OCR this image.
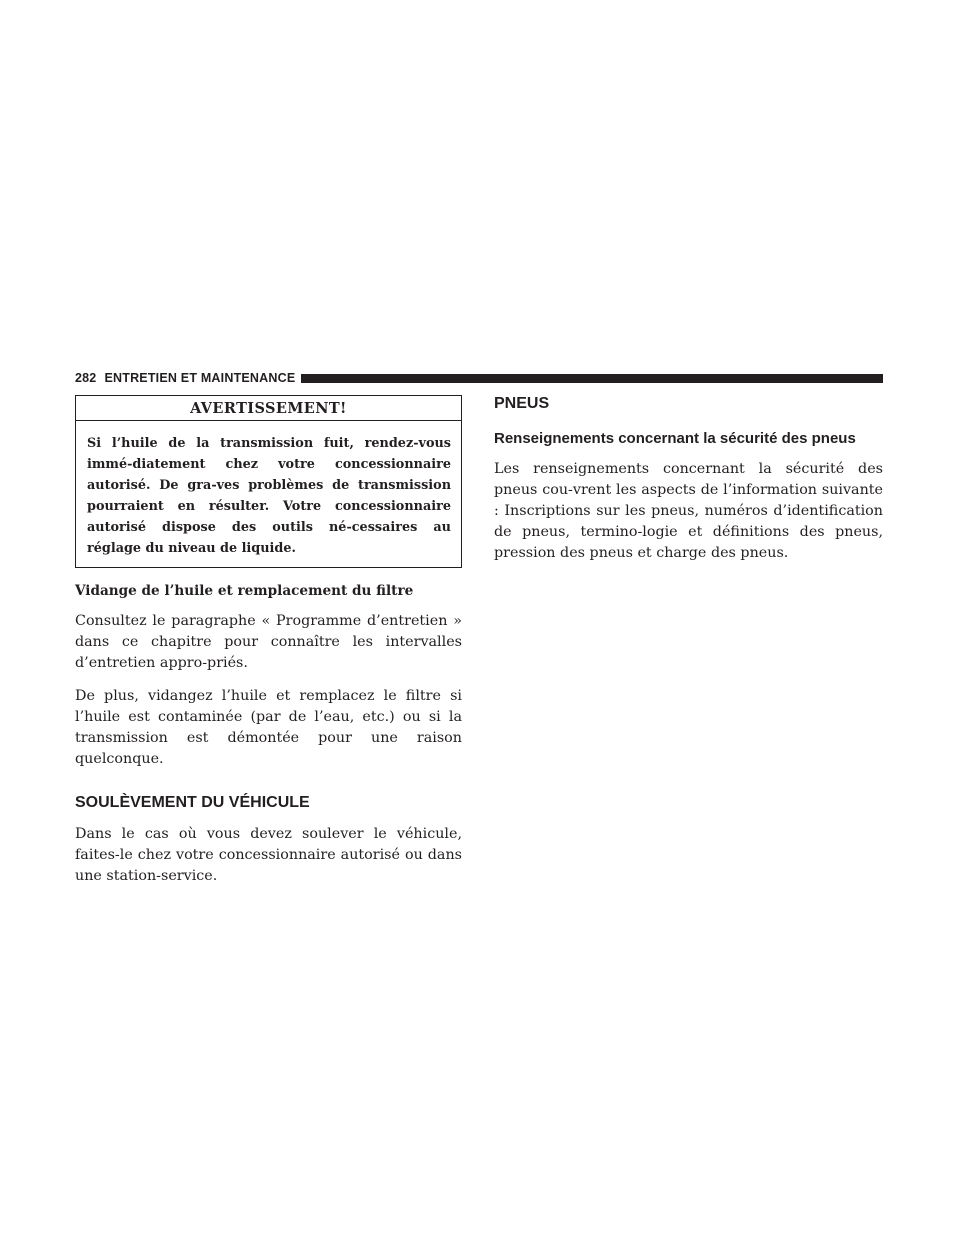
282 ENTRETIEN ET MAINTENANCE
AVERTISSEMENT!
Si l’huile de la transmission fuit, rendez-vous immé-diatement chez votre concessionnaire autorisé. De gra-ves problèmes de transmission pourraient en résulter. Votre concessionnaire autorisé dispose des outils né-cessaires au réglage du niveau de liquide.
Vidange de l’huile et remplacement du filtre

Consultez le paragraphe « Programme d’entretien » dans ce chapitre pour connaître les intervalles d’entretien appro-priés.

De plus, vidangez l’huile et remplacez le filtre si l’huile est contaminée (par de l’eau, etc.) ou si la transmission est démontée pour une raison quelconque.

SOULÈVEMENT DU VÉHICULE

Dans le cas où vous devez soulever le véhicule, faites-le chez votre concessionnaire autorisé ou dans une station-service.

PNEUS
Renseignements concernant la sécurité des pneus

Les renseignements concernant la sécurité des pneus cou-vrent les aspects de l’information suivante : Inscriptions sur les pneus, numéros d’identification de pneus, termino-logie et définitions des pneus, pression des pneus et charge des pneus.
